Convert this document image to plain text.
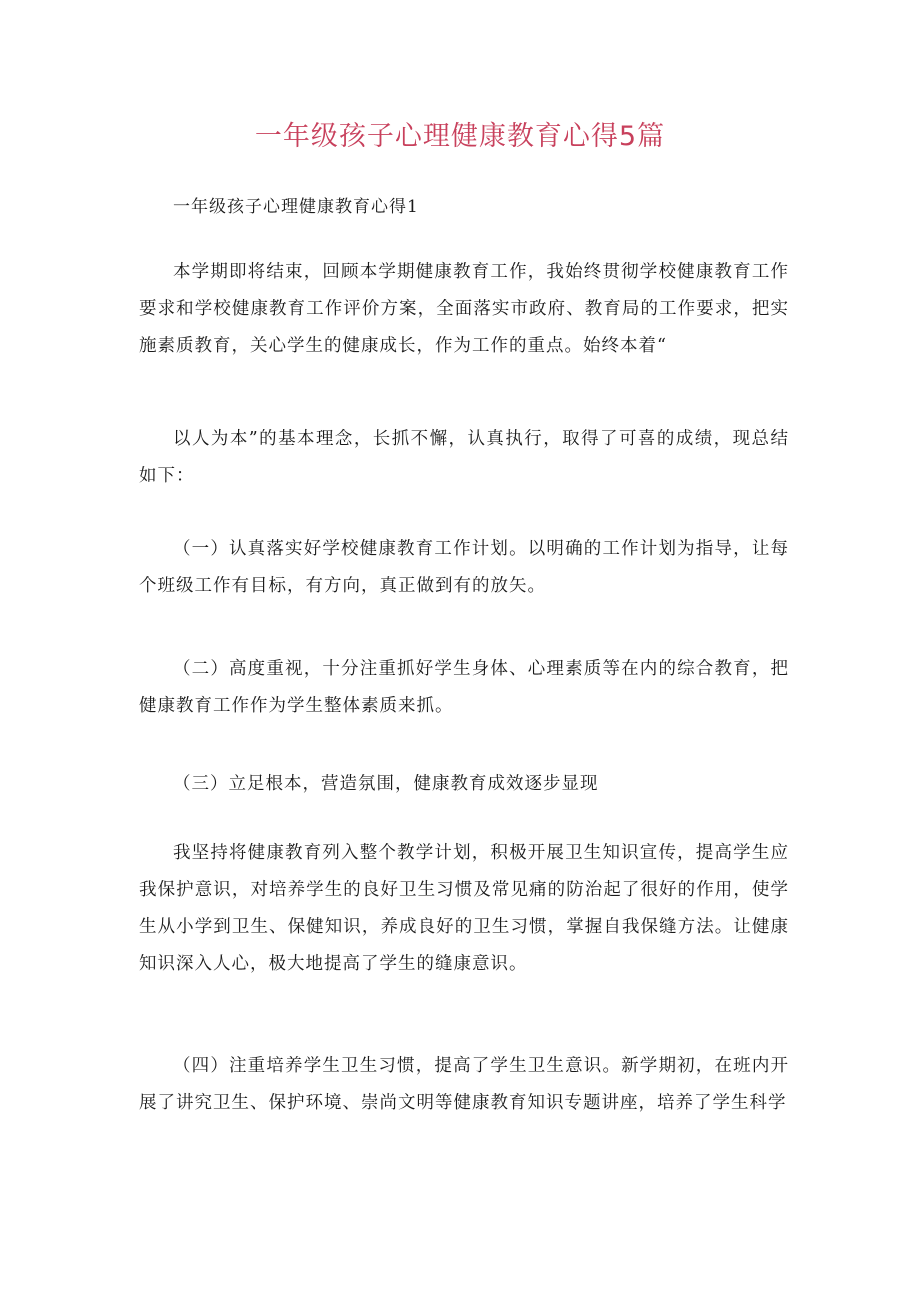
一年级孩子心理健康教育心得5篇

一年级孩子心理健康教育心得1

本学期即将结束，回顾本学期健康教育工作，我始终贯彻学校健康教育工作要求和学校健康教育工作评价方案，全面落实市政府、教育局的工作要求，把实施素质教育，关心学生的健康成长，作为工作的重点。始终本着“

以人为本”的基本理念，长抓不懈，认真执行，取得了可喜的成绩，现总结如下：

（一）认真落实好学校健康教育工作计划。以明确的工作计划为指导，让每个班级工作有目标，有方向，真正做到有的放矢。

（二）高度重视，十分注重抓好学生身体、心理素质等在内的综合教育，把健康教育工作作为学生整体素质来抓。

（三）立足根本，营造氛围，健康教育成效逐步显现

我坚持将健康教育列入整个教学计划，积极开展卫生知识宣传，提高学生应我保护意识，对培养学生的良好卫生习惯及常见痛的防治起了很好的作用，使学生从小学到卫生、保健知识，养成良好的卫生习惯，掌握自我保缝方法。让健康知识深入人心，极大地提高了学生的缝康意识。

（四）注重培养学生卫生习惯，提高了学生卫生意识。新学期初，在班内开展了讲究卫生、保护环境、崇尚文明等健康教育知识专题讲座，培养了学生科学
